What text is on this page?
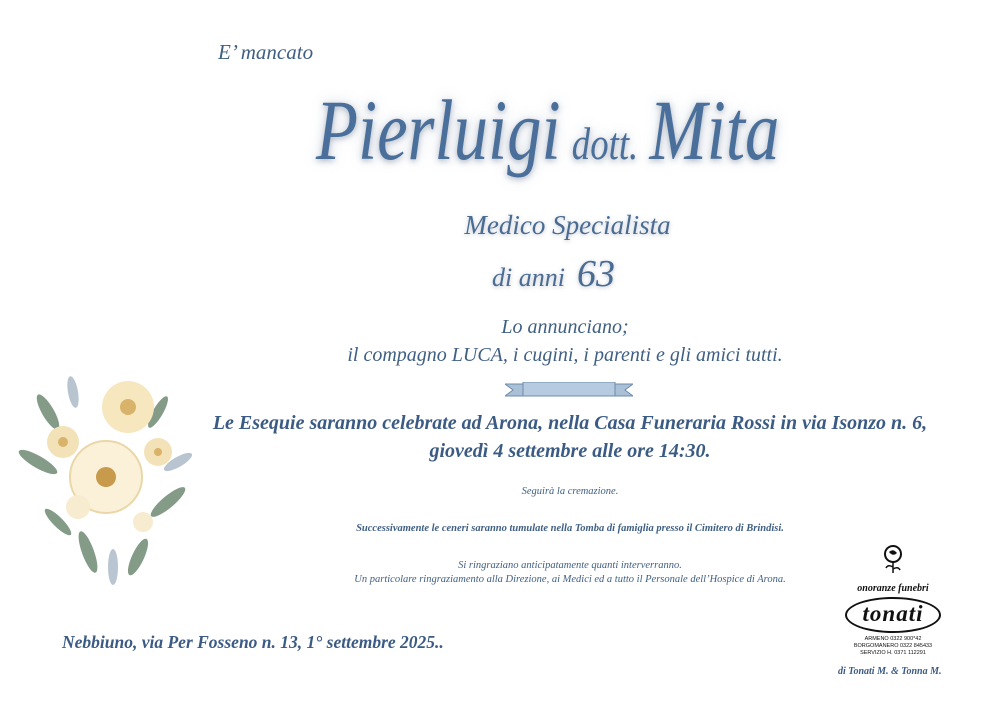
E’ mancato
Pierluigi dott. Mita
Medico Specialista
di anni 63
Lo annunciano;
il compagno LUCA, i cugini, i parenti e gli amici tutti.
Le Esequie saranno celebrate ad Arona, nella Casa Funeraria Rossi in via Isonzo n. 6,
giovedì 4 settembre alle ore 14:30.
Seguirà la cremazione.
Successivamente le ceneri saranno tumulate nella Tomba di famiglia presso il Cimitero di Brindisi.
Si ringraziano anticipatamente quanti interverranno.
Un particolare ringraziamento alla Direzione, ai Medici ed a tutto il Personale dell’Hospice di Arona.
Nebbiuno, via Per Fosseno n. 13, 1° settembre 2025..
onoranze funebri
tonati
ARMENO 0322 900*42
BORGOMANERO 0322 845433
SERVIZIO H. 0371 112291
di Tonati M. & Tonna M.
